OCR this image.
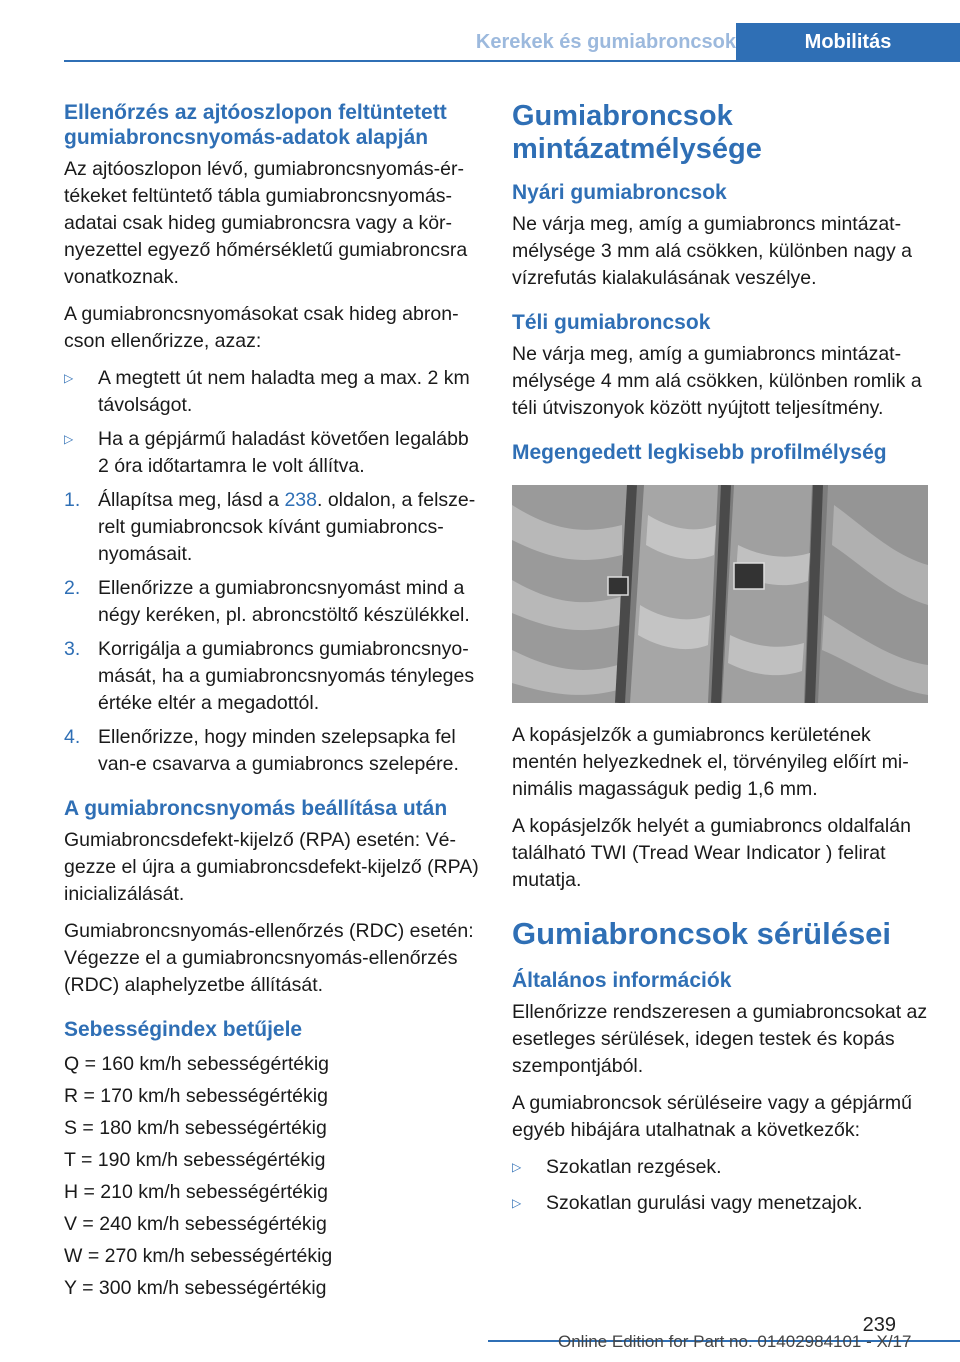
Kerekek és gumiabroncsok	Mobilitás
Ellenőrzés az ajtóoszlopon feltüntetett gumiabroncsnyomás-adatok alapján

Az ajtóoszlopon lévő, gumiabroncsnyomás-értékeket feltüntető tábla gumiabroncsnyomás-adatai csak hideg gumiabroncsra vagy a környezettel egyező hőmérsékletű gumiabroncsra vonatkoznak.

A gumiabroncsnyomásokat csak hideg abroncson ellenőrizze, azaz:

▷	A megtett út nem haladta meg a max. 2 km távolságot.
▷	Ha a gépjármű haladást követően legalább 2 óra időtartamra le volt állítva.
1. Állapítsa meg, lásd a 238. oldalon, a felszerelt gumiabroncsok kívánt gumiabroncsnyomásait.
2. Ellenőrizze a gumiabroncsnyomást mind a négy keréken, pl. abroncstöltő készülékkel.
3. Korrigálja a gumiabroncs gumiabroncsnyomását, ha a gumiabroncsnyomás tényleges értéke eltér a megadottól.
4. Ellenőrizze, hogy minden szelepsapka fel van-e csavarva a gumiabroncs szelepére.
A gumiabroncsnyomás beállítása után

Gumiabroncsdefekt-kijelző (RPA) esetén: Végezze el újra a gumiabroncsdefekt-kijelző (RPA) inicializálását.

Gumiabroncsnyomás-ellenőrzés (RDC) esetén: Végezze el a gumiabroncsnyomás-ellenőrzés (RDC) alaphelyzetbe állítását.

Sebességindex betűjele

Q = 160 km/h sebességértékig

R = 170 km/h sebességértékig

S = 180 km/h sebességértékig

T = 190 km/h sebességértékig

H = 210 km/h sebességértékig

V = 240 km/h sebességértékig

W = 270 km/h sebességértékig

Y = 300 km/h sebességértékig

Gumiabroncsok mintázatmélysége
Nyári gumiabroncsok

Ne várja meg, amíg a gumiabroncs mintázatmélysége 3 mm alá csökken, különben nagy a vízrefutás kialakulásának veszélye.

Téli gumiabroncsok

Ne várja meg, amíg a gumiabroncs mintázatmélysége 4 mm alá csökken, különben romlik a téli útviszonyok között nyújtott teljesítmény.

Megengedett legkisebb profilmélység

A kopásjelzők a gumiabroncs kerületének mentén helyezkednek el, törvényileg előírt minimális magasságuk pedig 1,6 mm.

A kopásjelzők helyét a gumiabroncs oldalfalán található TWI (Tread Wear Indicator ) felirat mutatja.

Gumiabroncsok sérülései
Általános információk

Ellenőrizze rendszeresen a gumiabroncsokat az esetleges sérülések, idegen testek és kopás szempontjából.

A gumiabroncsok sérüléseire vagy a gépjármű egyéb hibájára utalhatnak a következők:

▷	Szokatlan rezgések.
▷	Szokatlan gurulási vagy menetzajok.
239
Online Edition for Part no. 01402984101 - X/17
